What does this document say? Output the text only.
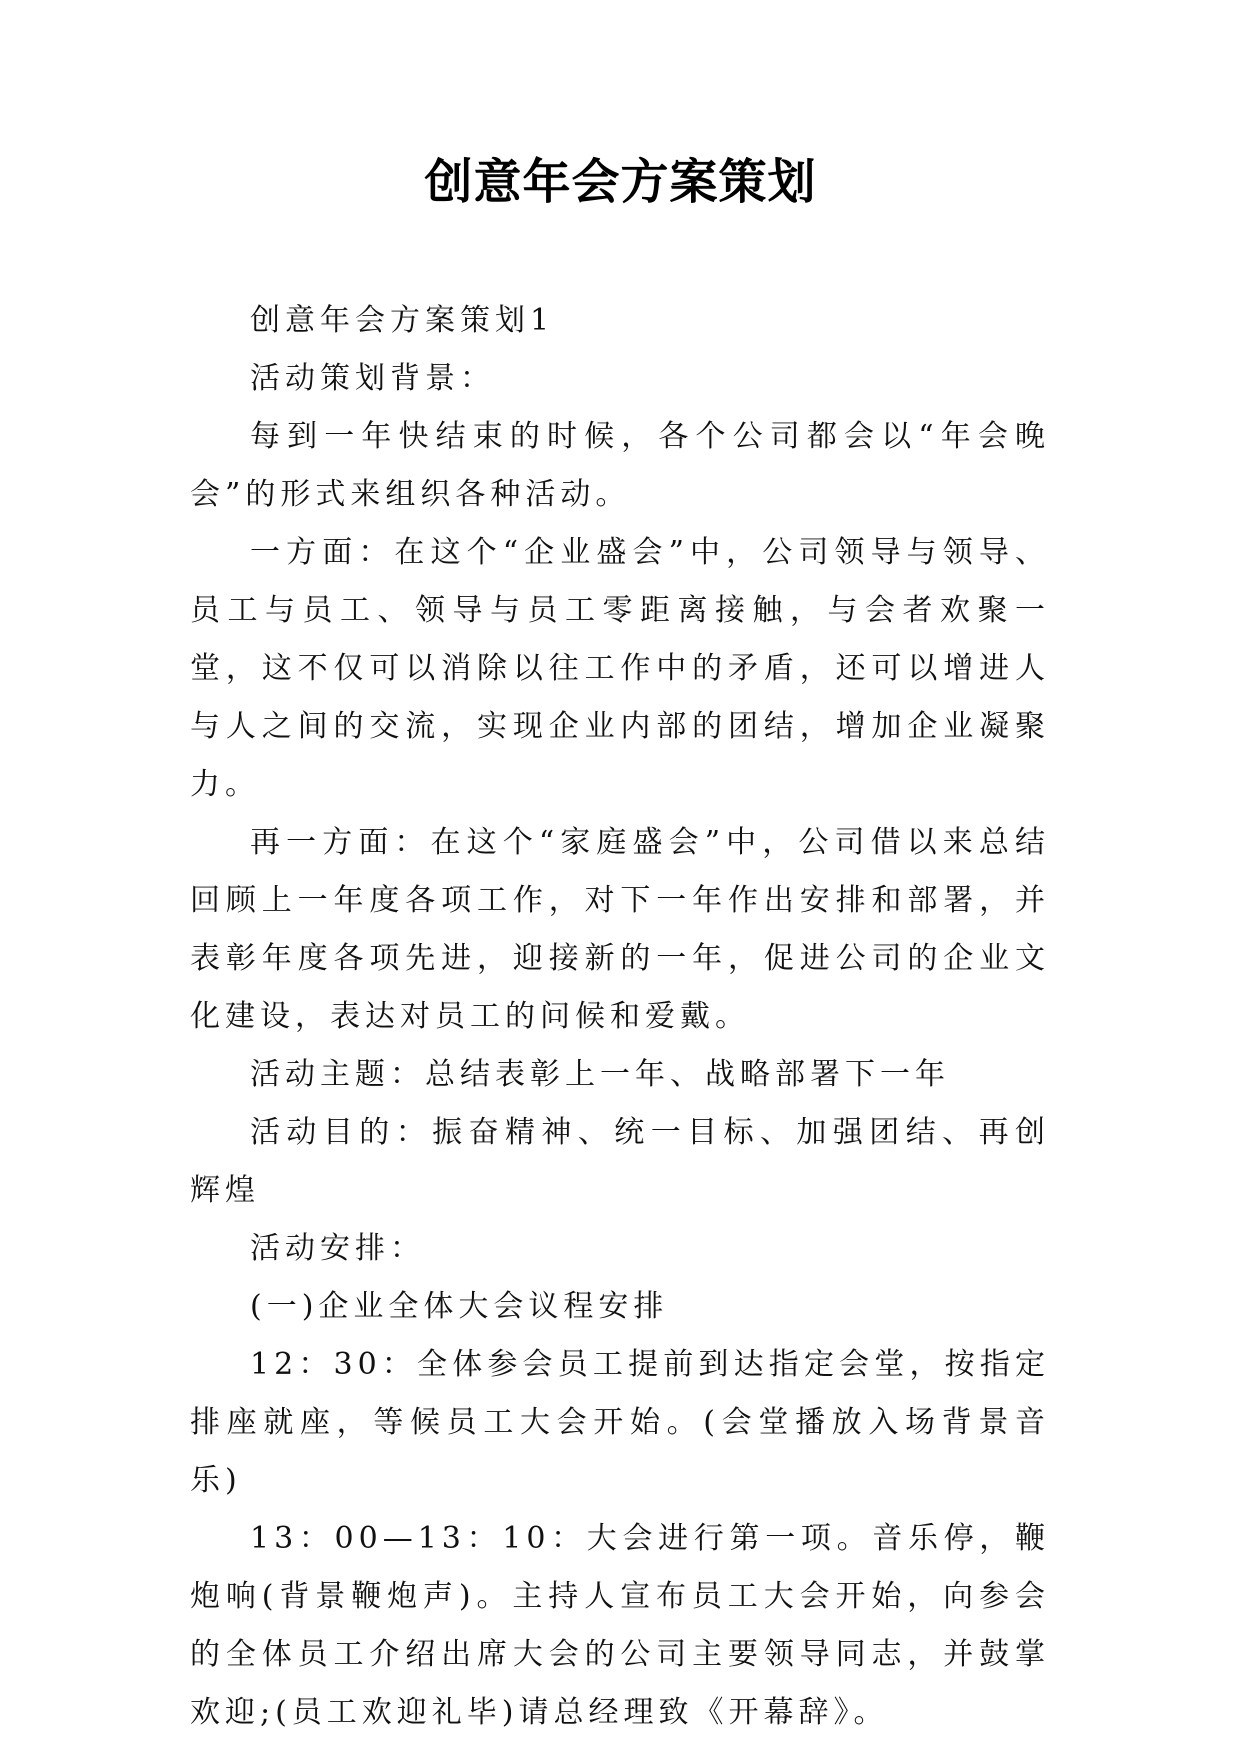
创意年会方案策划

创意年会方案策划1

活动策划背景：

每到一年快结束的时候，各个公司都会以“年会晚会”的形式来组织各种活动。

一方面：在这个“企业盛会”中，公司领导与领导、员工与员工、领导与员工零距离接触，与会者欢聚一堂，这不仅可以消除以往工作中的矛盾，还可以增进人与人之间的交流，实现企业内部的团结，增加企业凝聚力。

再一方面：在这个“家庭盛会”中，公司借以来总结回顾上一年度各项工作，对下一年作出安排和部署，并表彰年度各项先进，迎接新的一年，促进公司的企业文化建设，表达对员工的问候和爱戴。

活动主题：总结表彰上一年、战略部署下一年

活动目的：振奋精神、统一目标、加强团结、再创辉煌

活动安排：

(一)企业全体大会议程安排

12：30：全体参会员工提前到达指定会堂，按指定排座就座，等候员工大会开始。(会堂播放入场背景音乐)

13：00—13：10：大会进行第一项。音乐停，鞭炮响(背景鞭炮声)。主持人宣布员工大会开始，向参会的全体员工介绍出席大会的公司主要领导同志，并鼓掌欢迎;(员工欢迎礼毕)请总经理致《开幕辞》。
